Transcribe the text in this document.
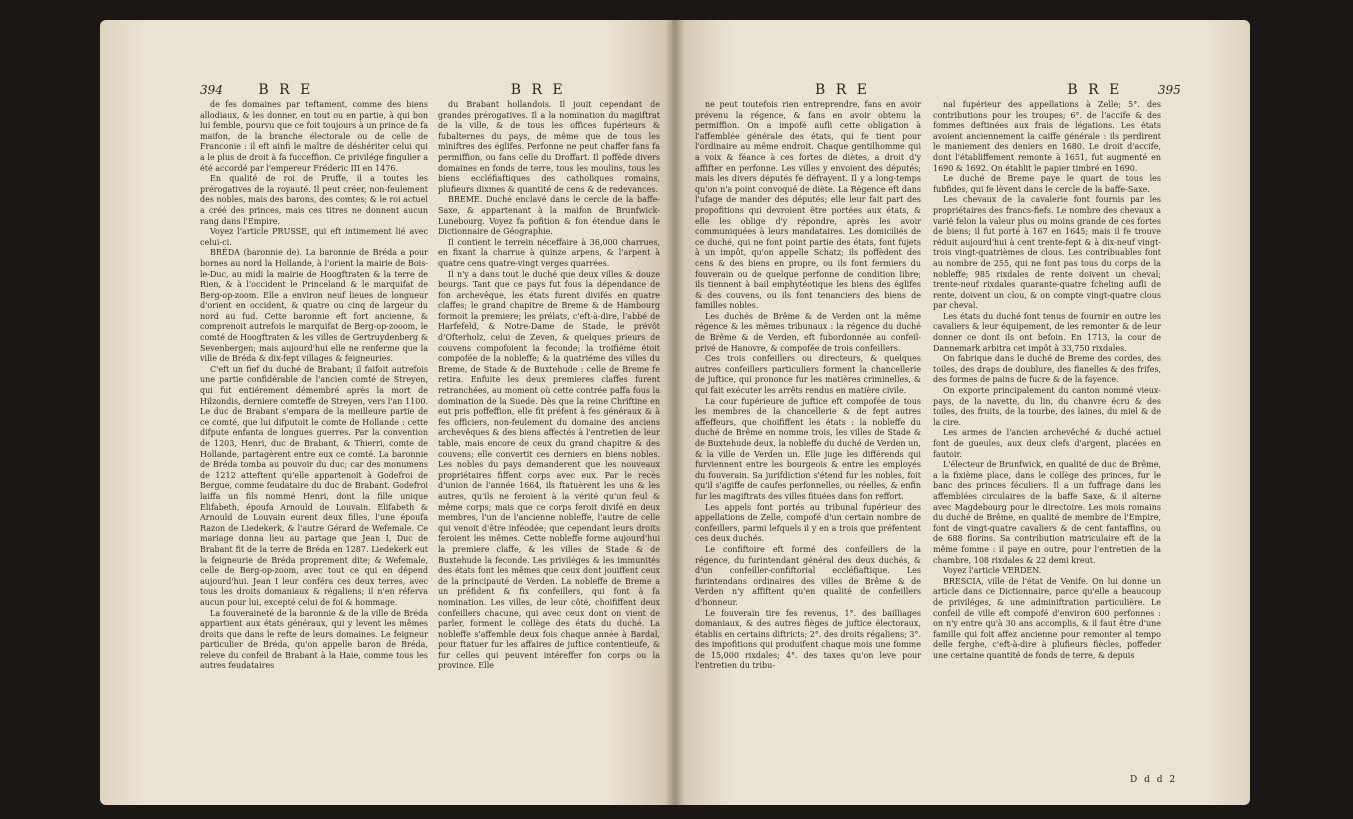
394	B R E	B R E

de fes domaines par teftament, comme des biens allodiaux, & les donner, en tout ou en partie, à qui bon lui femble, pourvu que ce foit toujours à un prince de fa maifon, de la branche électorale ou de celle de Franconie : il eft ainfi le maître de déshériter celui qui a le plus de droit à fa fucceffion. Ce privilége fingulier a été accordé par l'empereur Fréderic III en 1476.

En qualité de roi de Pruffe, il a toutes les prérogatives de la royauté. Il peut créer, non-feulement des nobles, mais des barons, des comtes; & le roi actuel a créé des princes, mais ces titres ne donnent aucun rang dans l'Empire.

Voyez l'article PRUSSE, qui eft intimement lié avec celui-ci.

BRÉDA (baronnie de). La baronnie de Bréda a pour bornes au nord la Hollande, à l'orient la mairie de Bois-le-Duc, au midi la mairie de Hoogftraten & la terre de Rien, & à l'occident le Princeland & le marquifat de Berg-op-zoom. Elle a environ neuf lieues de longueur d'orient en occident, & quatre ou cinq de largeur du nord au fud. Cette baronnie eft fort ancienne, & comprenoit autrefois le marquifat de Berg-op-zooom, le comté de Hoogftraten & les villes de Gertruydenberg & Sevenbergen; mais aujourd'hui elle ne renferme que la ville de Bréda & dix-fept villages & feigneuries.

C'eft un fief du duché de Brabant; il faifoit autrefois une partie confidérable de l'ancien comté de Streyen, qui fut entiérement démembré après la mort de Hilzondis, derniere comteffe de Streyen, vers l'an 1100. Le duc de Brabant s'empara de la meilleure partie de ce comté, que lui difputoit le comte de Hollande : cette difpute enfanta de longues guerres. Par la convention de 1203, Henri, duc de Brabant, & Thierri, comte de Hollande, partagèrent entre eux ce comté. La baronnie de Bréda tomba au pouvoir du duc; car des monumens de 1212 atteftent qu'elle appartenoit à Godefroi de Bergue, comme feudataire du duc de Brabant. Godefroi laiffa un fils nommé Henri, dont la fille unique Elifabeth, époufa Arnould de Louvain. Elifabeth & Arnould de Louvain eurent deux filles, l'une époufa Razon de Liedekerk, & l'autre Gérard de Wefemale. Ce mariage donna lieu au partage que Jean I, Duc de Brabant fit de la terre de Bréda en 1287. Liedekerk eut la feigneurie de Bréda proprement dite; & Wefemale, celle de Berg-op-zoom, avec tout ce qui en dépend aujourd'hui. Jean I leur conféra ces deux terres, avec tous les droits domaniaux & régaliens; il n'en réferva aucun pour lui, excepté celui de foi & hommage.

La fouveraineté de la baronnie & de la ville de Bréda appartient aux états généraux, qui y levent les mêmes droits que dans le refte de leurs domaines. Le feigneur particulier de Bréda, qu'on appelle baron de Bréda, releve du confeil de Brabant à la Haie, comme tous les autres feudataires

du Brabant hollandois. Il jouit cependant de grandes prérogatives. Il a la nomination du magiftrat de la ville, & de tous les offices fupérieurs & fubalternes du pays, de même que de tous les miniftres des églifes. Perfonne ne peut chaffer fans fa permiffion, ou fans celle du Droffart. Il poffède divers domaines en fonds de terre, tous les moulins, tous les biens eccléfiaftiques des catholiques romains, plufieurs dixmes & quantité de cens & de redevances.

BREME. Duché enclavé dans le cercle de la baffe-Saxe, & appartenant à la maifon de Brunfwick-Lunebourg. Voyez fa pofition & fon étendue dans le Dictionnaire de Géographie.

Il contient le terrein néceffaire à 36,000 charrues, en fixant la charrue à quinze arpens, & l'arpent à quatre cens quatre-vingt verges quarrées.

Il n'y a dans tout le duché que deux villes & douze bourgs. Tant que ce pays fut fous la dépendance de fon archevêque, les états furent divifés en quatre claffes; le grand chapitre de Breme & de Hambourg formoit la premiere; les prélats, c'eft-à-dire, l'abbé de Harfefeld, & Notre-Dame de Stade, le prévôt d'Ofterholz, celui de Zeven, & quelques prieurs de couvens compofoient la feconde; la troifiéme étoit compofée de la nobleffe; & la quatriéme des villes du Breme, de Stade & de Buxtehude : celle de Breme fe retira. Enfuite les deux premieres claffes furent retranchées, au moment où cette contrée paffa fous la domination de la Suede. Dès que la reine Chriftine en eut pris poffeffion, elle fit préfent à fes généraux & à fes officiers, non-feulement du domaine des anciens archevêques & des biens affectés à l'entretien de leur table, mais encore de ceux du grand chapitre & des couvens; elle convertit ces derniers en biens nobles. Les nobles du pays demanderent que les nouveaux propriétaires fiffent corps avec eux. Par le recès d'union de l'année 1664, ils ftatuèrent les uns & les autres, qu'ils ne feroient à la vérité qu'un feul & même corps; mais que ce corps feroit divifé en deux membres, l'un de l'ancienne nobleffe, l'autre de celle qui venoit d'être inféodée; que cependant leurs droits feroient les mêmes. Cette nobleffe forme aujourd'hui la premiere claffe, & les villes de Stade & de Buxtehude la feconde. Les priviléges & les immunités des états font les mêmes que ceux dont jouiffent ceux de la principauté de Verden. La nobleffe de Breme a un préfident & fix confeillers, qui font à fa nomination. Les villes, de leur côté, choififfent deux confeillers chacune, qui avec ceux dont on vient de parler, forment le collège des états du duché. La nobleffe s'affemble deux fois chaque année à Bardal, pour ftatuer fur les affaires de juftice contentieufe, & fur celles qui peuvent intéreffer fon corps ou la province. Elle

B R E	B R E	395

ne peut toutefois rien entreprendre, fans en avoir prévenu la régence, & fans en avoir obtenu la permiffion. On a impofé aufli cette obligation à l'affemblée générale des états, qui fe tient pour l'ordinaire au même endroit. Chaque gentilhomme qui a voix & féance à ces fortes de diètes, a droit d'y affifter en perfonne. Les villes y envoient des députés; mais les divers députés fe défrayent. Il y a long-temps qu'on n'a point convoqué de diète. La Régence eft dans l'ufage de mander des députés; elle leur fait part des propofitions qui devroient être portées aux états, & elle les oblige d'y répondre, après les avoir communiquées à leurs mandataires. Les domiciliés de ce duché, qui ne font point partie des états, font fujets à un impôt, qu'on appelle Schatz; ils poffèdent des cens & des biens en propre, ou ils font fermiers du fouverain ou de quelque perfonne de condition libre; ils tiennent à bail emphytéotique les biens des églifes & des couvens, ou ils font tenanciers des biens de familles nobles.

Les duchés de Brême & de Verden ont la même régence & les mêmes tribunaux : la régence du duché de Brême & de Verden, eft fubordonnée au confeil-privé de Hanovre, & compofée de trois confeillers.

Ces trois confeillers ou directeurs, & quelques autres confeillers particuliers forment la chancellerie de juftice, qui prononce fur les matières criminelles, & qui fait exécuter les arrêts rendus en matière civile.

La cour fupérieure de juftice eft compofée de tous les membres de la chancellerie & de fept autres affeffeurs, que choififfent les états : la nobleffe du duché de Brême en nomme trois, les villes de Stade & de Buxtehude deux, la nobleffe du duché de Verden un, & la ville de Verden un. Elle juge les différends qui furviennent entre les bourgeois & entre les employés du fouverain. Sa jurifdiction s'étend fur les nobles, foit qu'il s'agiffe de caufes perfonnelles, ou réelles, & enfin fur les magiftrats des villes fituées dans fon reffort.

Les appels font portés au tribunal fupérieur des appellations de Zelle, compofé d'un certain nombre de confeillers, parmi lefquels il y en a trois que préfentent ces deux duchés.

Le confiftoire eft formé des confeillers de la régence, du furintendant général des deux duchés, & d'un confeiller-confiftorial eccléfiaftique. Les furintendans ordinaires des villes de Brême & de Verden n'y affiftent qu'en qualité de confeillers d'honneur.

Le fouverain tire fes revenus, 1°. des bailliages domaniaux, & des autres fièges de juftice électoraux, établis en certains diftricts; 2°. des droits régaliens; 3°. des impofitions qui produifent chaque mois une fomme de 15,000 rixdales; 4°. des taxes qu'on leve pour l'entretien du tribu-

nal fupérieur des appellations à Zelle; 5°. des contributions pour les troupes; 6°. de l'accife & des fommes deftinées aux frais de légations. Les états avoient anciennement la caiffe générale : ils perdirent le maniement des deniers en 1680. Le droit d'accife, dont l'établiffement remonte à 1651, fut augmenté en 1690 & 1692. On établit le papier timbré en 1690.

Le duché de Breme paye le quart de tous les fubfides, qui fe lèvent dans le cercle de la baffe-Saxe.

Les chevaux de la cavalerie font fournis par les propriétaires des francs-fiefs. Le nombre des chevaux a varié felon la valeur plus ou moins grande de ces fortes de biens; il fut porté à 167 en 1645; mais il fe trouve réduit aujourd'hui à cent trente-fept & à dix-neuf vingt-trois vingt-quatrièmes de clous. Les contribuables font au nombre de 255, qui ne font pas tous du corps de la nobleffe; 985 rixdales de rente doivent un cheval; trente-neuf rixdales quarante-quatre fcheling aufli de rente, doivent un clou, & on compte vingt-quatre clous par cheval.

Les états du duché font tenus de fournir en outre les cavaliers & leur équipement, de les remonter & de leur donner ce dont ils ont befoin. En 1713, la cour de Dannemark arbitra cet impôt à 33,750 rixdales.

On fabrique dans le duché de Breme des cordes, des toiles, des draps de doublure, des flanelles & des frifes, des formes de pains de fucre & de la fayence.

On exporte principalement du canton nommé vieux-pays, de la navette, du lin, du chanvre écru & des toiles, des fruits, de la tourbe, des laines, du miel & de la cire.

Les armes de l'ancien archevêché & duché actuel font de gueules, aux deux clefs d'argent, placées en fautoir.

L'électeur de Brunfwick, en qualité de duc de Brême, a la fixième place, dans le collège des princes, fur le banc des princes féculiers. Il a un fuffrage dans les affemblées circulaires de la baffe Saxe, & il alterne avec Magdebourg pour le directoire. Les mois romains du duché de Brême, en qualité de membre de l'Empire, font de vingt-quatre cavaliers & de cent fantaffins, ou de 688 florins. Sa contribution matriculaire eft de la même fomme : il paye en outre, pour l'entretien de la chambre, 108 rixdales & 22 demi kreut.

Voyez l'article VERDEN.

BRESCIA, ville de l'état de Venife. On lui donne un article dans ce Dictionnaire, parce qu'elle a beaucoup de priviléges, & une adminiftration particulière. Le confeil de ville eft compofé d'environ 600 perfonnes : on n'y entre qu'à 30 ans accomplis, & il faut être d'une famille qui foit affez ancienne pour remonter al tempo delle ferghe, c'eft-à-dire à plufieurs fiècles, poffeder une certaine quantité de fonds de terre, & depuis

D d d 2
